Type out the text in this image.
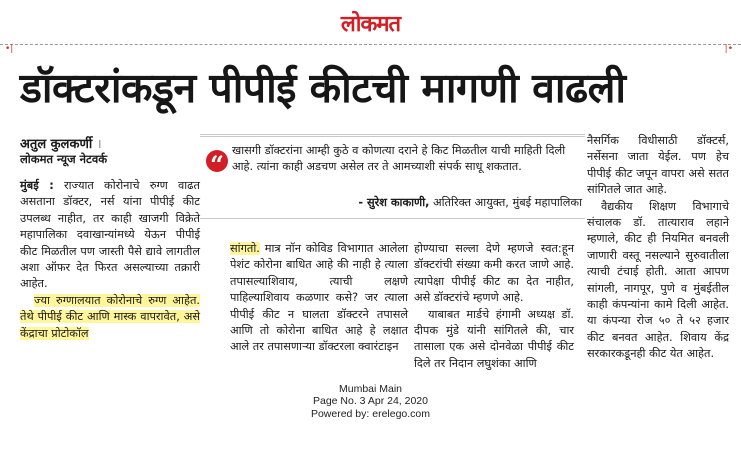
लोकमत
•|	|•
डॉक्टरांकडून पीपीई कीटची मागणी वाढली
अतुल कुलकर्णी ।
लोकमत न्यूज नेटवर्क

मुंबई : राज्यात कोरोनाचे रुग्ण वाढत असताना डॉक्टर, नर्स यांना पीपीई कीट उपलब्ध नाहीत, तर काही खाजगी विक्रेते महापालिका दवाखान्यांमध्ये येऊन पीपीई कीट मिळतील पण जास्ती पैसे द्यावे लागतील अशा ऑफर देत फिरत असल्याच्या तक्रारी आहेत.

ज्या रुग्णालयात कोरोनाचे रुग्ण आहेत. तेथे पीपीई कीट आणि मास्क वापरावेत, असे केंद्राचा प्रोटोकॉल

“ खासगी डॉक्टरांना आम्ही कुठे व कोणत्या दराने हे किट मिळतील याची माहिती दिली आहे. त्यांना काही अडचण असेल तर ते आमच्याशी संपर्क साधू शकतात.
- सुरेश काकाणी, अतिरिक्त आयुक्त, मुंबई महापालिका

सांगतो. मात्र नॉन कोविड विभागात आलेला पेशंट कोरोना बाधित आहे की नाही हे त्याला तपासल्याशिवाय, त्याची लक्षणे पाहिल्याशिवाय कळणार कसे? जर त्याला पीपीई कीट न घालता डॉक्टरने तपासले आणि तो कोरोना बाधित आहे हे लक्षात आले तर तपासणाऱ्या डॉक्टरला क्वारंटाइन

होण्याचा सल्ला देणे म्हणजे स्वत:हून डॉक्टरांची संख्या कमी करत जाणे आहे. त्यापेक्षा पीपीई कीट का देत नाहीत, असे डॉक्टरांचे म्हणणे आहे.

याबाबत मार्डचे हंगामी अध्यक्ष डॉ. दीपक मुंडे यांनी सांगितले की, चार तासाला एक असे दोनवेळा पीपीई कीट दिले तर निदान लघुशंका आणि

नैसर्गिक विधीसाठी डॉक्टर्स, नर्सेसना जाता येईल. पण हेच पीपीई कीट जपून वापरा असे सतत सांगितले जात आहे.

वैद्यकीय शिक्षण विभागाचे संचालक डॉ. तात्याराव लहाने म्हणाले, कीट ही नियमित बनवली जाणारी वस्तू नसल्याने सुरुवातीला त्याची टंचाई होती. आता आपण सांगली, नागपूर, पुणे व मुंबईतील काही कंपन्यांना कामे दिली आहेत. या कंपन्या रोज ५० ते ५२ हजार कीट बनवत आहेत. शिवाय केंद्र सरकारकडूनही कीट येत आहेत.

Mumbai Main
Page No. 3 Apr 24, 2020
Powered by: erelego.com
